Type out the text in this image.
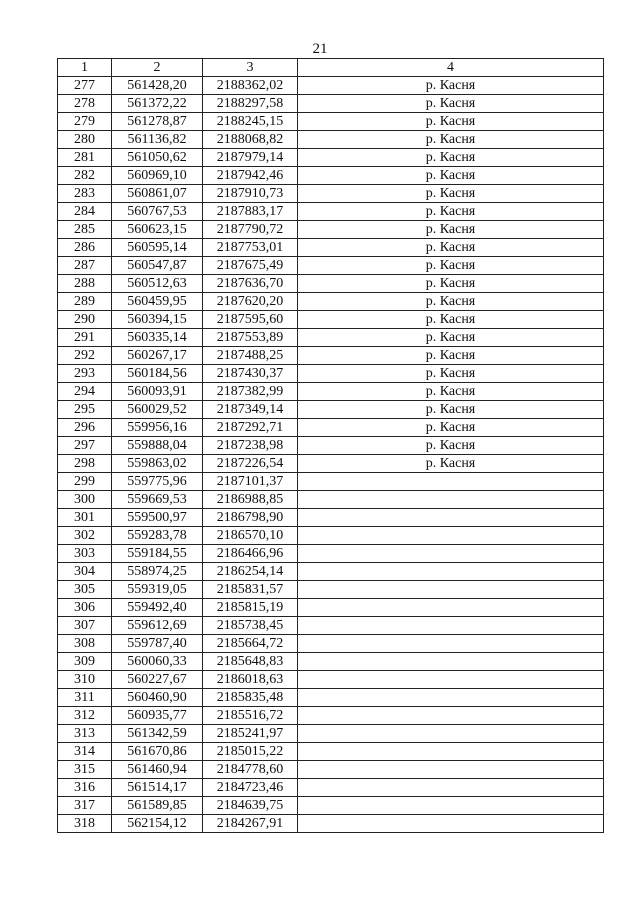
21
1	2	3	4
277	561428,20	2188362,02	р. Касня
278	561372,22	2188297,58	р. Касня
279	561278,87	2188245,15	р. Касня
280	561136,82	2188068,82	р. Касня
281	561050,62	2187979,14	р. Касня
282	560969,10	2187942,46	р. Касня
283	560861,07	2187910,73	р. Касня
284	560767,53	2187883,17	р. Касня
285	560623,15	2187790,72	р. Касня
286	560595,14	2187753,01	р. Касня
287	560547,87	2187675,49	р. Касня
288	560512,63	2187636,70	р. Касня
289	560459,95	2187620,20	р. Касня
290	560394,15	2187595,60	р. Касня
291	560335,14	2187553,89	р. Касня
292	560267,17	2187488,25	р. Касня
293	560184,56	2187430,37	р. Касня
294	560093,91	2187382,99	р. Касня
295	560029,52	2187349,14	р. Касня
296	559956,16	2187292,71	р. Касня
297	559888,04	2187238,98	р. Касня
298	559863,02	2187226,54	р. Касня
299	559775,96	2187101,37	
300	559669,53	2186988,85	
301	559500,97	2186798,90	
302	559283,78	2186570,10	
303	559184,55	2186466,96	
304	558974,25	2186254,14	
305	559319,05	2185831,57	
306	559492,40	2185815,19	
307	559612,69	2185738,45	
308	559787,40	2185664,72	
309	560060,33	2185648,83	
310	560227,67	2186018,63	
311	560460,90	2185835,48	
312	560935,77	2185516,72	
313	561342,59	2185241,97	
314	561670,86	2185015,22	
315	561460,94	2184778,60	
316	561514,17	2184723,46	
317	561589,85	2184639,75	
318	562154,12	2184267,91	
